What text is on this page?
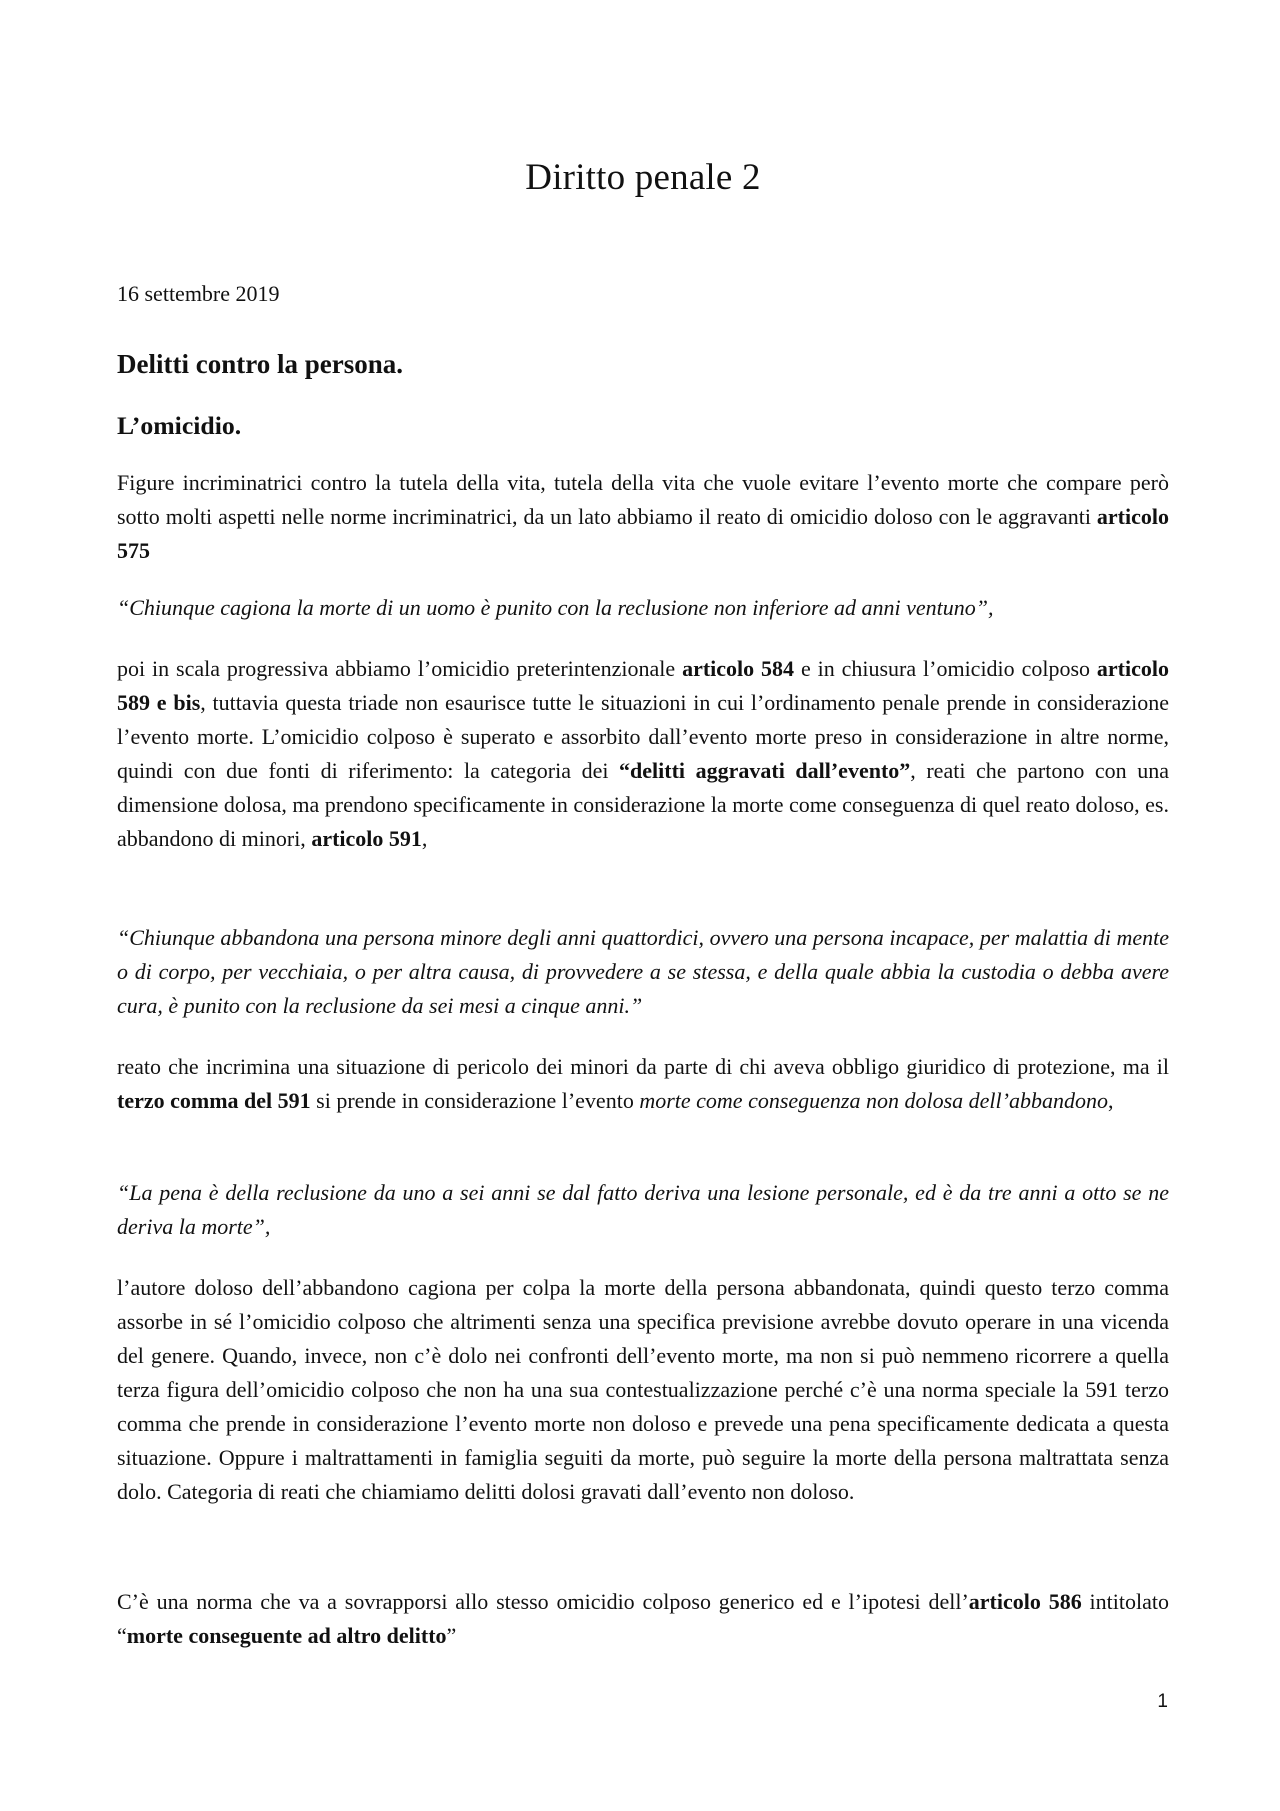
Diritto penale 2

16 settembre 2019

Delitti contro la persona.
L’omicidio.

Figure incriminatrici contro la tutela della vita, tutela della vita che vuole evitare l’evento morte che compare però sotto molti aspetti nelle norme incriminatrici, da un lato abbiamo il reato di omicidio doloso con le aggravanti articolo 575

“Chiunque cagiona la morte di un uomo è punito con la reclusione non inferiore ad anni ventuno”,

poi in scala progressiva abbiamo l’omicidio preterintenzionale articolo 584 e in chiusura l’omicidio colposo articolo 589 e bis, tuttavia questa triade non esaurisce tutte le situazioni in cui l’ordinamento penale prende in considerazione l’evento morte. L’omicidio colposo è superato e assorbito dall’evento morte preso in considerazione in altre norme, quindi con due fonti di riferimento: la categoria dei “delitti aggravati dall’evento”, reati che partono con una dimensione dolosa, ma prendono specificamente in considerazione la morte come conseguenza di quel reato doloso, es. abbandono di minori, articolo 591,

“Chiunque abbandona una persona minore degli anni quattordici, ovvero una persona incapace, per malattia di mente o di corpo, per vecchiaia, o per altra causa, di provvedere a se stessa, e della quale abbia la custodia o debba avere cura, è punito con la reclusione da sei mesi a cinque anni.”

reato che incrimina una situazione di pericolo dei minori da parte di chi aveva obbligo giuridico di protezione, ma il terzo comma del 591 si prende in considerazione l’evento morte come conseguenza non dolosa dell’abbandono,

“La pena è della reclusione da uno a sei anni se dal fatto deriva una lesione personale, ed è da tre anni a otto se ne deriva la morte”,

l’autore doloso dell’abbandono cagiona per colpa la morte della persona abbandonata, quindi questo terzo comma assorbe in sé l’omicidio colposo che altrimenti senza una specifica previsione avrebbe dovuto operare in una vicenda del genere. Quando, invece, non c’è dolo nei confronti dell’evento morte, ma non si può nemmeno ricorrere a quella terza figura dell’omicidio colposo che non ha una sua contestualizzazione perché c’è una norma speciale la 591 terzo comma che prende in considerazione l’evento morte non doloso e prevede una pena specificamente dedicata a questa situazione. Oppure i maltrattamenti in famiglia seguiti da morte, può seguire la morte della persona maltrattata senza dolo. Categoria di reati che chiamiamo delitti dolosi gravati dall’evento non doloso.

C’è una norma che va a sovrapporsi allo stesso omicidio colposo generico ed e l’ipotesi dell’articolo 586 intitolato “morte conseguente ad altro delitto”

1
